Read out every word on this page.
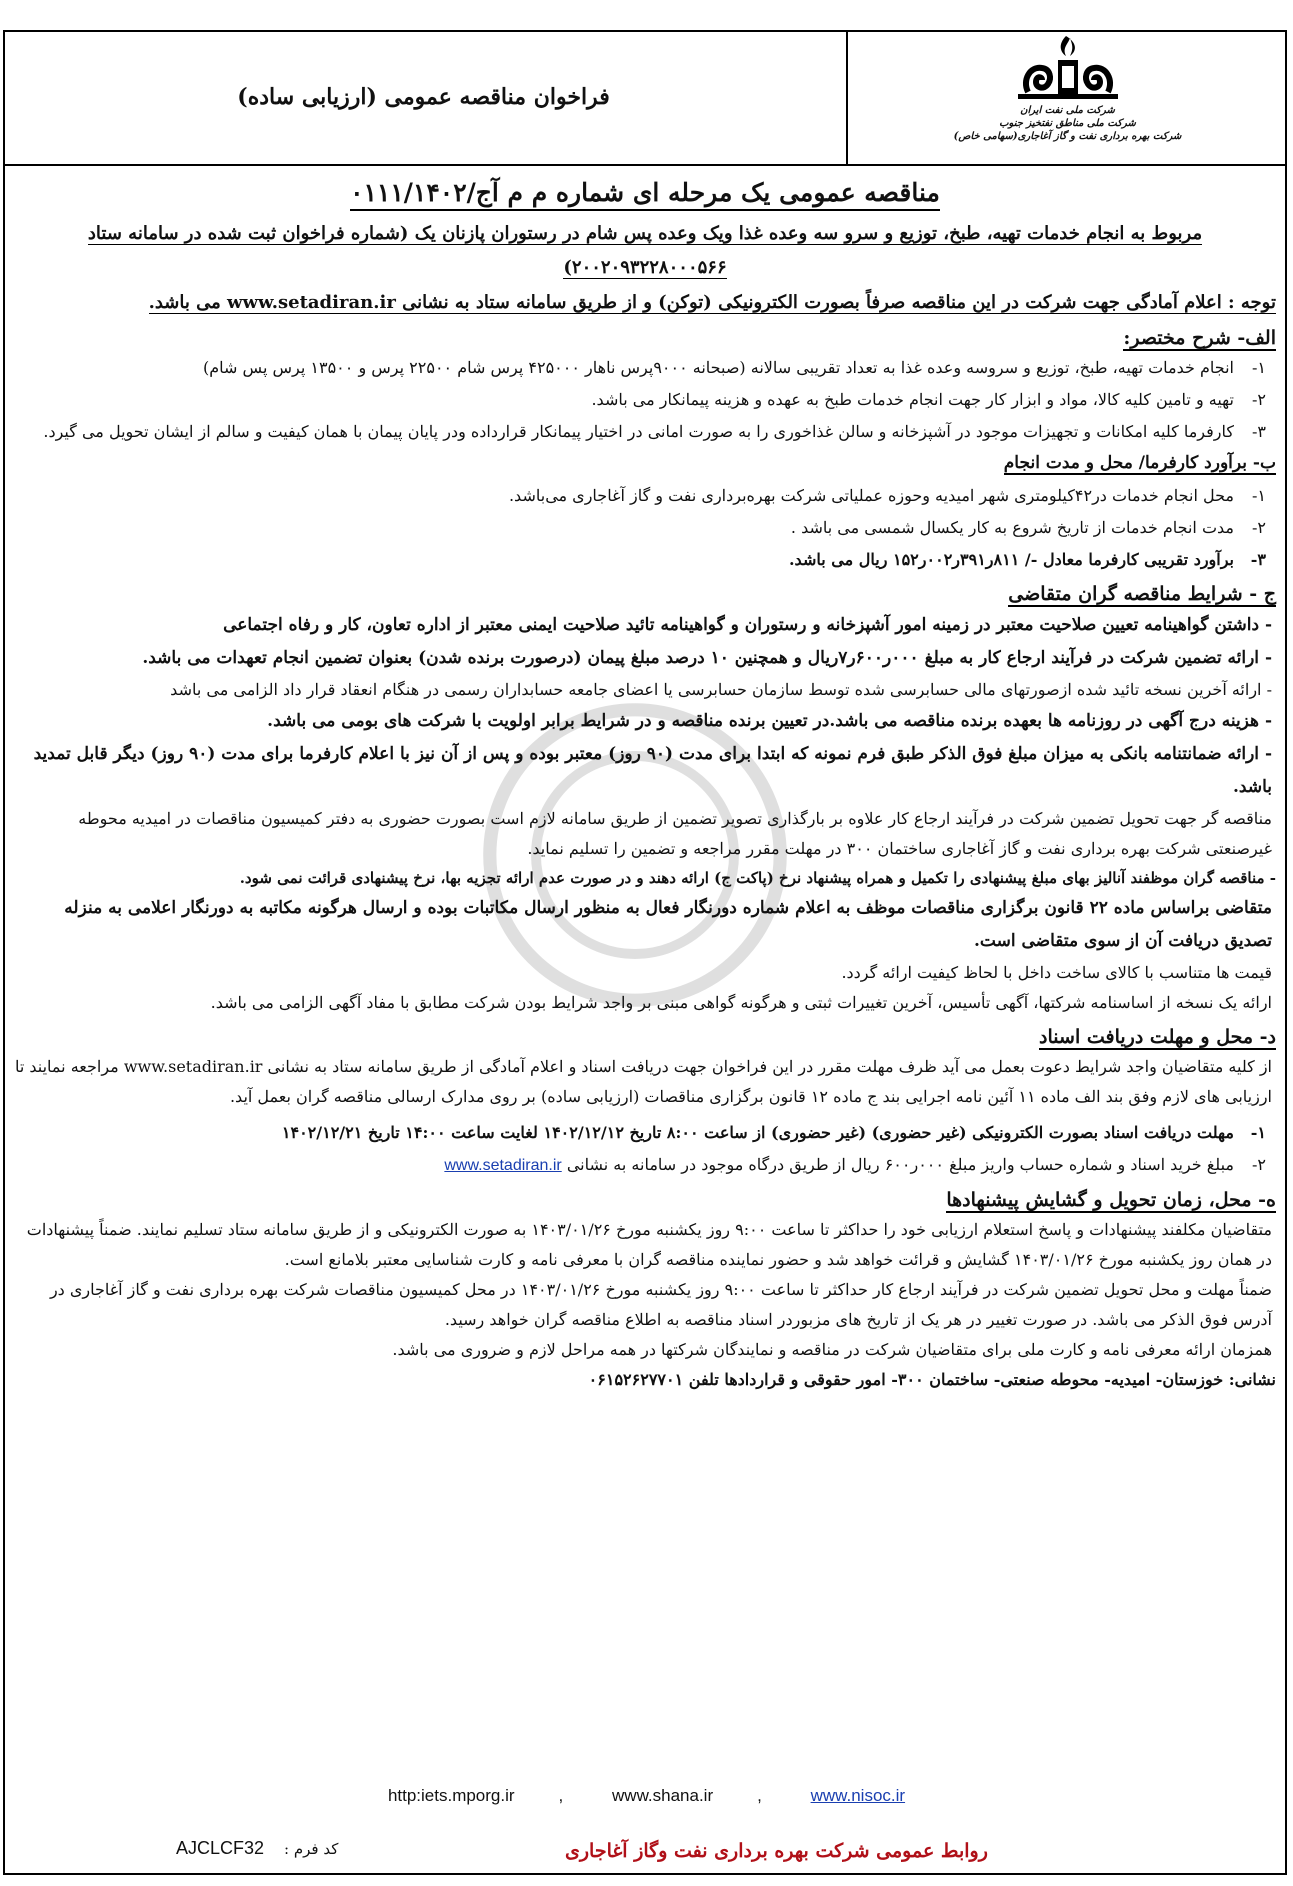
شرکت ملی نفت ایران
شرکت ملی مناطق نفتخیز جنوب
شرکت بهره برداری نفت و گاز آغاجاری(سهامی خاص)
فراخوان مناقصه عمومی (ارزیابی ساده)
مناقصه عمومی یک مرحله ای شماره م م آج/۰۱۱۱/۱۴۰۲
مربوط به انجام خدمات تهیه، طبخ، توزیع و سرو سه وعده غذا ویک وعده پس شام در رستوران پازنان یک (شماره فراخوان ثبت شده در سامانه ستاد ۲۰۰۲۰۹۳۲۲۸۰۰۰۵۶۶)
توجه : اعلام آمادگی جهت شرکت در این مناقصه صرفاً بصورت الکترونیکی (توکن) و از طریق سامانه ستاد به نشانی www.setadiran.ir می باشد.
الف- شرح مختصر:
۱-
انجام خدمات تهیه، طبخ، توزیع و سروسه وعده غذا به تعداد تقریبی سالانه (صبحانه ۹۰۰۰پرس ناهار ۴۲۵۰۰۰ پرس شام ۲۲۵۰۰ پرس و ۱۳۵۰۰ پرس پس شام)
۲-
تهیه و تامین کلیه کالا، مواد و ابزار کار جهت انجام خدمات طبخ به عهده و هزینه پیمانکار می باشد.
۳-
کارفرما کلیه امکانات و تجهیزات موجود در آشپزخانه و سالن غذاخوری را به صورت امانی در اختیار پیمانکار قرارداده ودر پایان پیمان با همان کیفیت و سالم از ایشان تحویل می گیرد.
ب- برآورد کارفرما/ محل و مدت انجام
۱-
محل انجام خدمات در۴۲کیلومتری شهر امیدیه وحوزه عملیاتی شرکت بهره‌برداری نفت و گاز آغاجاری می‌باشد.
۲-
مدت انجام خدمات از تاریخ شروع به کار یکسال شمسی می باشد .
۳-
برآورد تقریبی کارفرما معادل -/ ۸۱۱ر۳۹۱ر۰۰۲ر۱۵۲ ریال می باشد.
ج - شرایط مناقصه گران متقاضی
- داشتن گواهینامه تعیین صلاحیت معتبر در زمینه امور آشپزخانه و رستوران و گواهینامه تائید صلاحیت ایمنی معتبر از اداره تعاون، کار و رفاه اجتماعی
- ارائه تضمین شرکت در فرآیند ارجاع کار به مبلغ ۰۰۰ر۶۰۰ر۷ریال و همچنین ۱۰ درصد مبلغ پیمان (درصورت برنده شدن) بعنوان تضمین انجام تعهدات می باشد.
- ارائه آخرین نسخه تائید شده ازصورتهای مالی حسابرسی شده توسط سازمان حسابرسی یا اعضای جامعه حسابداران رسمی در هنگام انعقاد قرار داد الزامی می باشد
- هزینه درج آگهی در روزنامه ها بعهده برنده مناقصه می باشد.در تعیین برنده مناقصه و در شرایط برابر اولویت با شرکت های بومی می باشد.
- ارائه ضمانتنامه بانکی به میزان مبلغ فوق الذکر طبق فرم نمونه که ابتدا برای مدت (۹۰ روز) معتبر بوده و پس از آن نیز با اعلام کارفرما برای مدت (۹۰ روز) دیگر قابل تمدید باشد.
مناقصه گر جهت تحویل تضمین شرکت در فرآیند ارجاع کار علاوه بر بارگذاری تصویر تضمین از طریق سامانه لازم است بصورت حضوری به دفتر کمیسیون مناقصات در امیدیه محوطه غیرصنعتی شرکت بهره برداری نفت و گاز آغاجاری ساختمان ۳۰۰ در مهلت مقرر مراجعه و تضمین را تسلیم نماید.
- مناقصه گران موظفند آنالیز بهای مبلغ پیشنهادی را تکمیل و همراه پیشنهاد نرخ (پاکت ج) ارائه دهند و در صورت عدم ارائه تجزیه بها، نرخ پیشنهادی قرائت نمی شود.
متقاضی براساس ماده ۲۲ قانون برگزاری مناقصات موظف به اعلام شماره دورنگار فعال به منظور ارسال مکاتبات بوده و ارسال هرگونه مکاتبه به دورنگار اعلامی به منزله تصدیق دریافت آن از سوی متقاضی است.
قیمت ها متناسب با کالای ساخت داخل با لحاظ کیفیت ارائه گردد.
ارائه یک نسخه از اساسنامه شرکتها، آگهی تأسیس، آخرین تغییرات ثبتی و هرگونه گواهی مبنی بر واجد شرایط بودن شرکت مطابق با مفاد آگهی الزامی می باشد.
د- محل و مهلت دریافت اسناد
از کلیه متقاضیان واجد شرایط دعوت بعمل می آید ظرف مهلت مقرر در این فراخوان جهت دریافت اسناد و اعلام آمادگی از طریق سامانه ستاد به نشانی www.setadiran.ir مراجعه نمایند تا ارزیابی های لازم وفق بند الف ماده ۱۱ آئین نامه اجرایی بند ج ماده ۱۲ قانون برگزاری مناقصات (ارزیابی ساده) بر روی مدارک ارسالی مناقصه گران بعمل آید.
۱-
مهلت دریافت اسناد بصورت الکترونیکی (غیر حضوری) (غیر حضوری) از ساعت ۸:۰۰ تاریخ ۱۴۰۲/۱۲/۱۲ لغایت ساعت ۱۴:۰۰ تاریخ ۱۴۰۲/۱۲/۲۱
۲-
مبلغ خرید اسناد و شماره حساب واریز مبلغ ۰۰۰ر۶۰۰ ریال از طریق درگاه موجود در سامانه به نشانی www.setadiran.ir
ه- محل، زمان تحویل و گشایش پیشنهادها
متقاضیان مکلفند پیشنهادات و پاسخ استعلام ارزیابی خود را حداکثر تا ساعت ۹:۰۰ روز یکشنبه مورخ ۱۴۰۳/۰۱/۲۶ به صورت الکترونیکی و از طریق سامانه ستاد تسلیم نمایند. ضمناً پیشنهادات در همان روز یکشنبه مورخ ۱۴۰۳/۰۱/۲۶ گشایش و قرائت خواهد شد و حضور نماینده مناقصه گران با معرفی نامه و کارت شناسایی معتبر بلامانع است.
ضمناً مهلت و محل تحویل تضمین شرکت در فرآیند ارجاع کار حداکثر تا ساعت ۹:۰۰ روز یکشنبه مورخ ۱۴۰۳/۰۱/۲۶ در محل کمیسیون مناقصات شرکت بهره برداری نفت و گاز آغاجاری در آدرس فوق الذکر می باشد. در صورت تغییر در هر یک از تاریخ های مزبوردر اسناد مناقصه به اطلاع مناقصه گران خواهد رسید.
همزمان ارائه معرفی نامه و کارت ملی برای متقاضیان شرکت در مناقصه و نمایندگان شرکتها در همه مراحل لازم و ضروری می باشد.
نشانی: خوزستان- امیدیه- محوطه صنعتی- ساختمان ۳۰۰- امور حقوقی و قراردادها تلفن ۰۶۱۵۲۶۲۷۷۰۱
http:iets.mporg.ir	,	www.shana.ir	,	www.nisoc.ir
روابط عمومی شرکت بهره برداری نفت وگاز آغاجاری
کد فرم :
AJCLCF32
